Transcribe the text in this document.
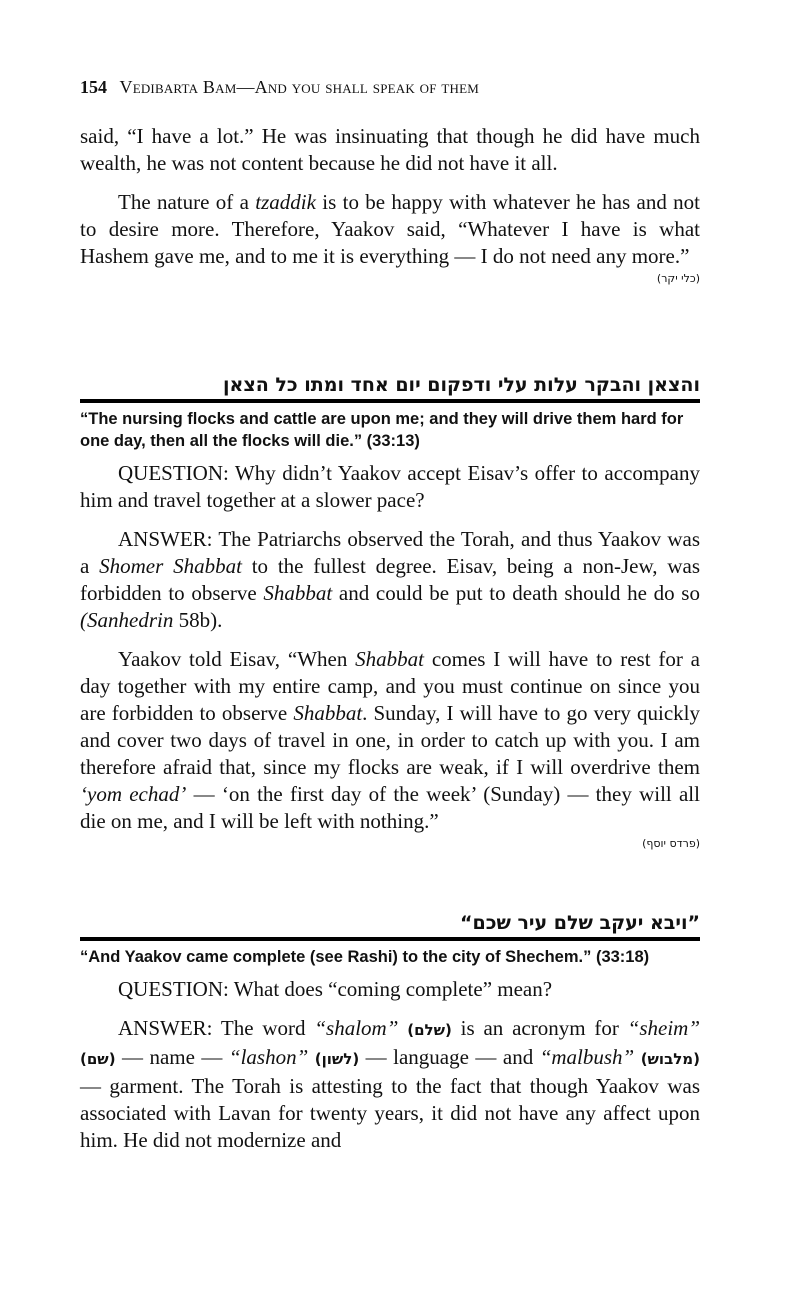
154 Vedibarta Bam—And you shall speak of them

said, “I have a lot.” He was insinuating that though he did have much wealth, he was not content because he did not have it all.

The nature of a tzaddik is to be happy with whatever he has and not to desire more. Therefore, Yaakov said, “Whatever I have is what Hashem gave me, and to me it is everything — I do not need any more.”

(כלי יקר)

והצאן והבקר עלות עלי ודפקום יום אחד ומתו כל הצאן
“The nursing flocks and cattle are upon me; and they will drive them hard for one day, then all the flocks will die.” (33:13)

QUESTION: Why didn’t Yaakov accept Eisav’s offer to accompany him and travel together at a slower pace?

ANSWER: The Patriarchs observed the Torah, and thus Yaakov was a Shomer Shabbat to the fullest degree. Eisav, being a non-Jew, was forbidden to observe Shabbat and could be put to death should he do so (Sanhedrin 58b).

Yaakov told Eisav, “When Shabbat comes I will have to rest for a day together with my entire camp, and you must continue on since you are forbidden to observe Shabbat. Sunday, I will have to go very quickly and cover two days of travel in one, in order to catch up with you. I am therefore afraid that, since my flocks are weak, if I will overdrive them ‘yom echad’ — ‘on the first day of the week’ (Sunday) — they will all die on me, and I will be left with nothing.”

(פרדס יוסף)

”ויבא יעקב שלם עיר שכם“
“And Yaakov came complete (see Rashi) to the city of Shechem.” (33:18)

QUESTION: What does “coming complete” mean?

ANSWER: The word “shalom” (שלם) is an acronym for “sheim” (שם) — name — “lashon” (לשון) — language — and “malbush” (מלבוש) — garment. The Torah is attesting to the fact that though Yaakov was associated with Lavan for twenty years, it did not have any affect upon him. He did not modernize and
